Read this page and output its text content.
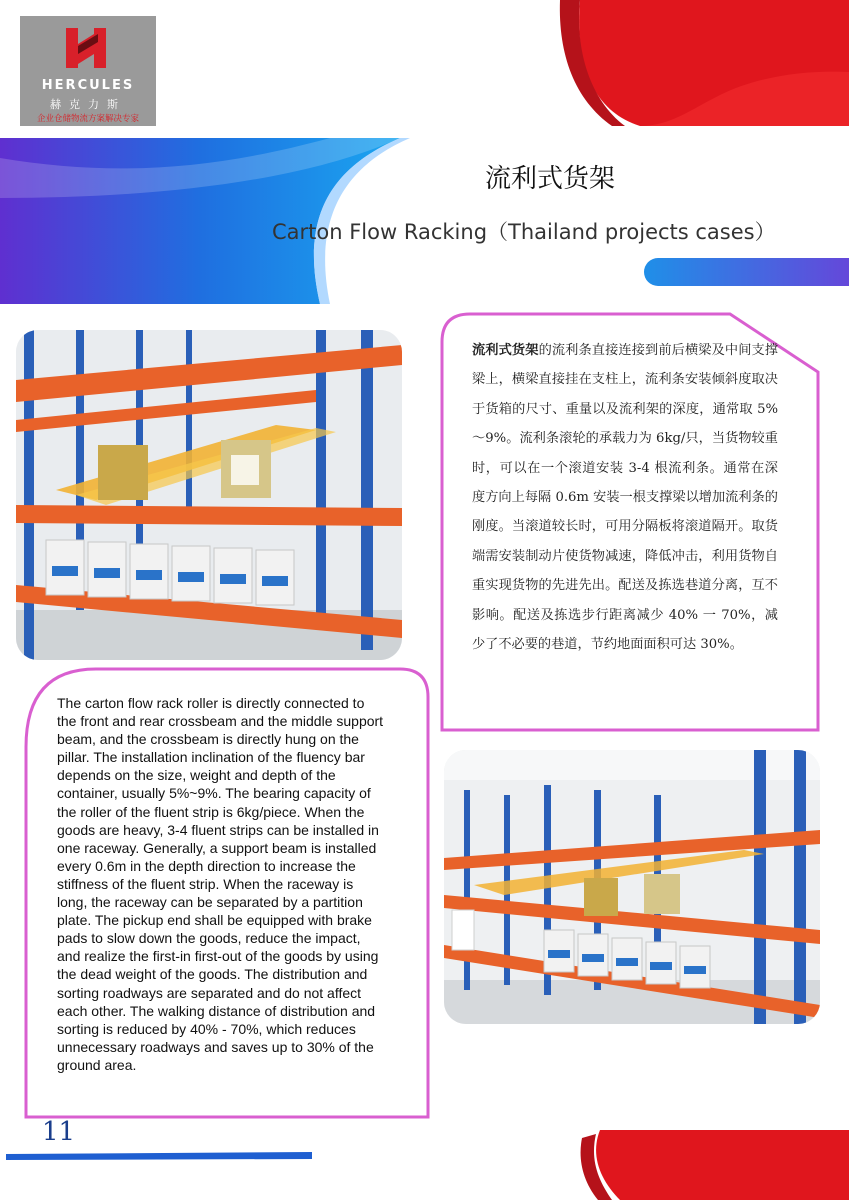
HERCULES
赫克力斯
企业仓储物流方案解决专家
流利式货架
Carton Flow Racking（Thailand projects cases）
流利式货架的流利条直接连接到前后横梁及中间支撑梁上，横梁直接挂在支柱上，流利条安装倾斜度取决于货箱的尺寸、重量以及流利架的深度，通常取 5%～9%。流利条滚轮的承载力为 6kg/只，当货物较重时，可以在一个滚道安装 3-4 根流利条。通常在深度方向上每隔 0.6m 安装一根支撑梁以增加流利条的刚度。当滚道较长时，可用分隔板将滚道隔开。取货端需安装制动片使货物减速，降低冲击，利用货物自重实现货物的先进先出。配送及拣选巷道分离，互不影响。配送及拣选步行距离减少 40% 一 70%，减少了不必要的巷道，节约地面面积可达 30%。
The carton flow rack roller is directly connected to the front and rear crossbeam and the middle support beam, and the crossbeam is directly hung on the pillar. The installation inclination of the fluency bar depends on the size, weight and depth of the container, usually 5%~9%. The bearing capacity of the roller of the fluent strip is 6kg/piece. When the goods are heavy, 3-4 fluent strips can be installed in one raceway. Generally, a support beam is installed every 0.6m in the depth direction to increase the stiffness of the fluent strip. When the raceway is long, the raceway can be separated by a partition plate. The pickup end shall be equipped with brake pads to slow down the goods, reduce the impact, and realize the first-in first-out of the goods by using the dead weight of the goods. The distribution and sorting roadways are separated and do not affect each other. The walking distance of distribution and sorting is reduced by 40% - 70%, which reduces unnecessary roadways and saves up to 30% of the ground area.
11
